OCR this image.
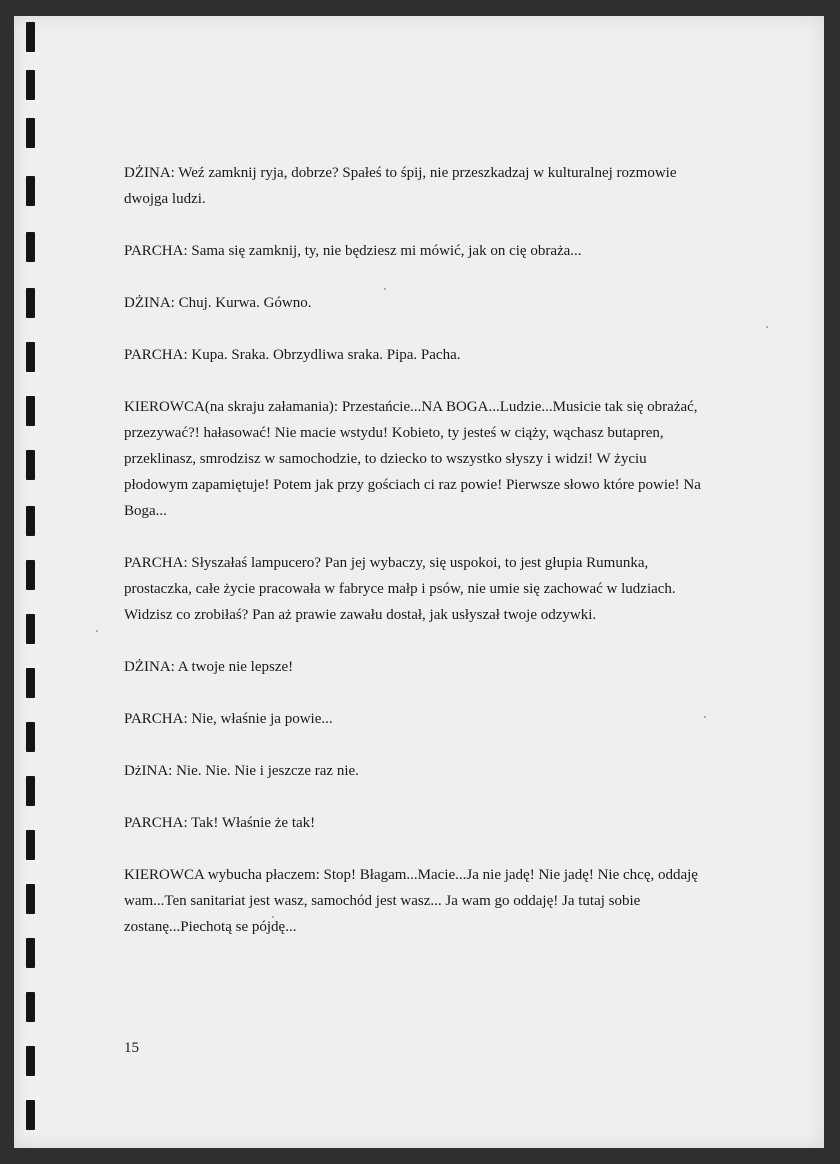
DŻINA: Weź zamknij ryja, dobrze? Spałeś to śpij, nie przeszkadzaj w kulturalnej rozmowie dwojga ludzi.

PARCHA: Sama się zamknij, ty, nie będziesz mi mówić, jak on cię obraża...

DŻINA: Chuj. Kurwa. Gówno.

PARCHA: Kupa. Sraka. Obrzydliwa sraka. Pipa. Pacha.

KIEROWCA(na skraju załamania): Przestańcie...NA BOGA...Ludzie...Musicie tak się obrażać, przezywać?! hałasować! Nie macie wstydu! Kobieto, ty jesteś w ciąży, wąchasz butapren, przeklinasz, smrodzisz w samochodzie, to dziecko to wszystko słyszy i widzi! W życiu płodowym zapamiętuje! Potem jak przy gościach ci raz powie! Pierwsze słowo które powie! Na Boga...

PARCHA: Słyszałaś lampucero? Pan jej wybaczy, się uspokoi, to jest głupia Rumunka, prostaczka, całe życie pracowała w fabryce małp i psów, nie umie się zachować w ludziach. Widzisz co zrobiłaś? Pan aż prawie zawału dostał, jak usłyszał twoje odzywki.

DŻINA: A twoje nie lepsze!

PARCHA: Nie, właśnie ja powie...

DżINA: Nie. Nie. Nie i jeszcze raz nie.

PARCHA: Tak! Właśnie że tak!

KIEROWCA wybucha płaczem: Stop! Błagam...Macie...Ja nie jadę! Nie jadę! Nie chcę, oddaję wam...Ten sanitariat jest wasz, samochód jest wasz... Ja wam go oddaję! Ja tutaj sobie zostanę...Piechotą se pójdę...

15
